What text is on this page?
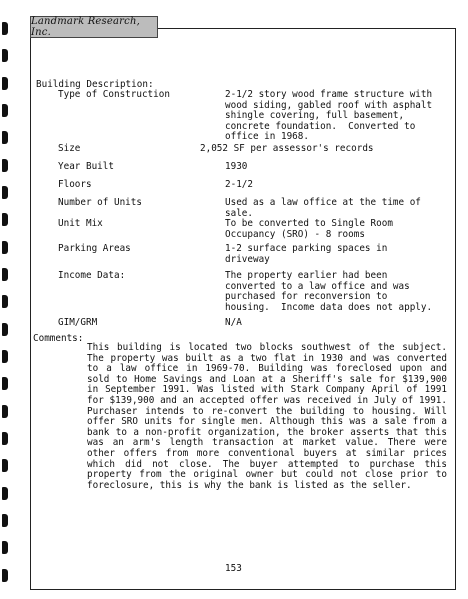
Landmark Research, Inc.
Building Description:
Type of Construction	2-1/2 story wood frame structure with
wood siding, gabled roof with asphalt
shingle covering, full basement,
concrete foundation.  Converted to
office in 1968.
Size	2,052 SF per assessor's records
Year Built	1930
Floors	2-1/2
Number of Units	Used as a law office at the time of
sale.
Unit Mix	To be converted to Single Room
Occupancy (SRO) - 8 rooms
Parking Areas	1-2 surface parking spaces in
driveway
Income Data:	The property earlier had been
converted to a law office and was
purchased for reconversion to
housing.  Income data does not apply.
GIM/GRM	N/A
Comments:
This building is located two blocks southwest of the subject. The property was built as a two flat in 1930 and was converted to a law office in 1969-70. Building was foreclosed upon and sold to Home Savings and Loan at a Sheriff's sale for $139,900 in September 1991. Was listed with Stark Company April of 1991 for $139,900 and an accepted offer was received in July of 1991. Purchaser intends to re-convert the building to housing. Will offer SRO units for single men. Although this was a sale from a bank to a non-profit organization, the broker asserts that this was an arm's length transaction at market value. There were other offers from more conventional buyers at similar prices which did not close. The buyer attempted to purchase this property from the original owner but could not close prior to foreclosure, this is why the bank is listed as the seller.
153
